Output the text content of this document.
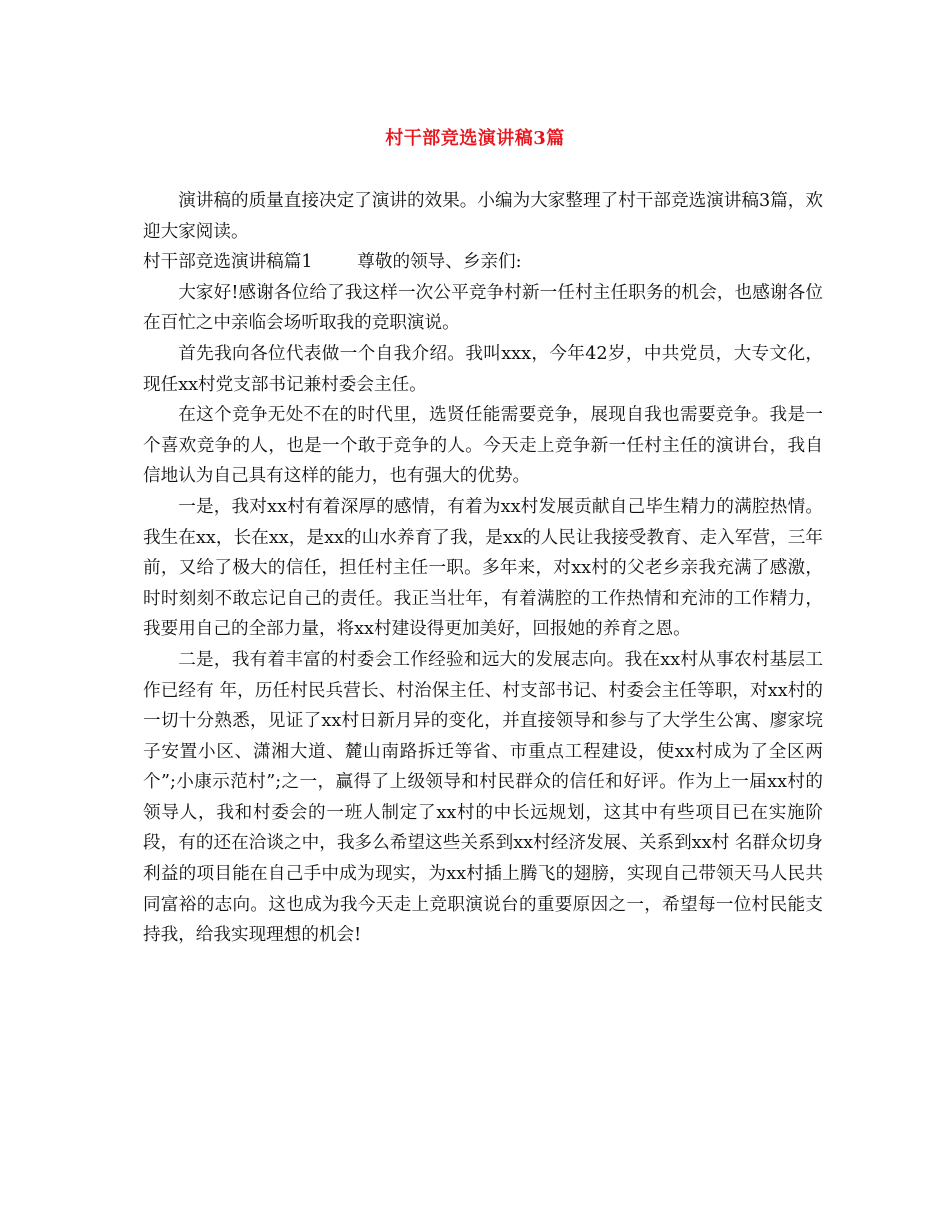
村干部竞选演讲稿3篇

演讲稿的质量直接决定了演讲的效果。小编为大家整理了村干部竞选演讲稿3篇，欢迎大家阅读。

村干部竞选演讲稿篇1	尊敬的领导、乡亲们:

大家好!感谢各位给了我这样一次公平竞争村新一任村主任职务的机会，也感谢各位在百忙之中亲临会场听取我的竞职演说。

首先我向各位代表做一个自我介绍。我叫xxx，今年42岁，中共党员，大专文化，现任xx村党支部书记兼村委会主任。

在这个竞争无处不在的时代里，选贤任能需要竞争，展现自我也需要竞争。我是一个喜欢竞争的人，也是一个敢于竞争的人。今天走上竞争新一任村主任的演讲台，我自信地认为自己具有这样的能力，也有强大的优势。

一是，我对xx村有着深厚的感情，有着为xx村发展贡献自己毕生精力的满腔热情。我生在xx，长在xx，是xx的山水养育了我，是xx的人民让我接受教育、走入军营，三年前，又给了极大的信任，担任村主任一职。多年来，对xx村的父老乡亲我充满了感激，时时刻刻不敢忘记自己的责任。我正当壮年，有着满腔的工作热情和充沛的工作精力，我要用自己的全部力量，将xx村建设得更加美好，回报她的养育之恩。

二是，我有着丰富的村委会工作经验和远大的发展志向。我在xx村从事农村基层工作已经有 年，历任村民兵营长、村治保主任、村支部书记、村委会主任等职，对xx村的一切十分熟悉，见证了xx村日新月异的变化，并直接领导和参与了大学生公寓、廖家垸子安置小区、潇湘大道、麓山南路拆迁等省、市重点工程建设，使xx村成为了全区两个”;小康示范村”;之一，赢得了上级领导和村民群众的信任和好评。作为上一届xx村的领导人，我和村委会的一班人制定了xx村的中长远规划，这其中有些项目已在实施阶段，有的还在洽谈之中，我多么希望这些关系到xx村经济发展、关系到xx村 名群众切身利益的项目能在自己手中成为现实，为xx村插上腾飞的翅膀，实现自己带领天马人民共同富裕的志向。这也成为我今天走上竞职演说台的重要原因之一，希望每一位村民能支持我，给我实现理想的机会!
